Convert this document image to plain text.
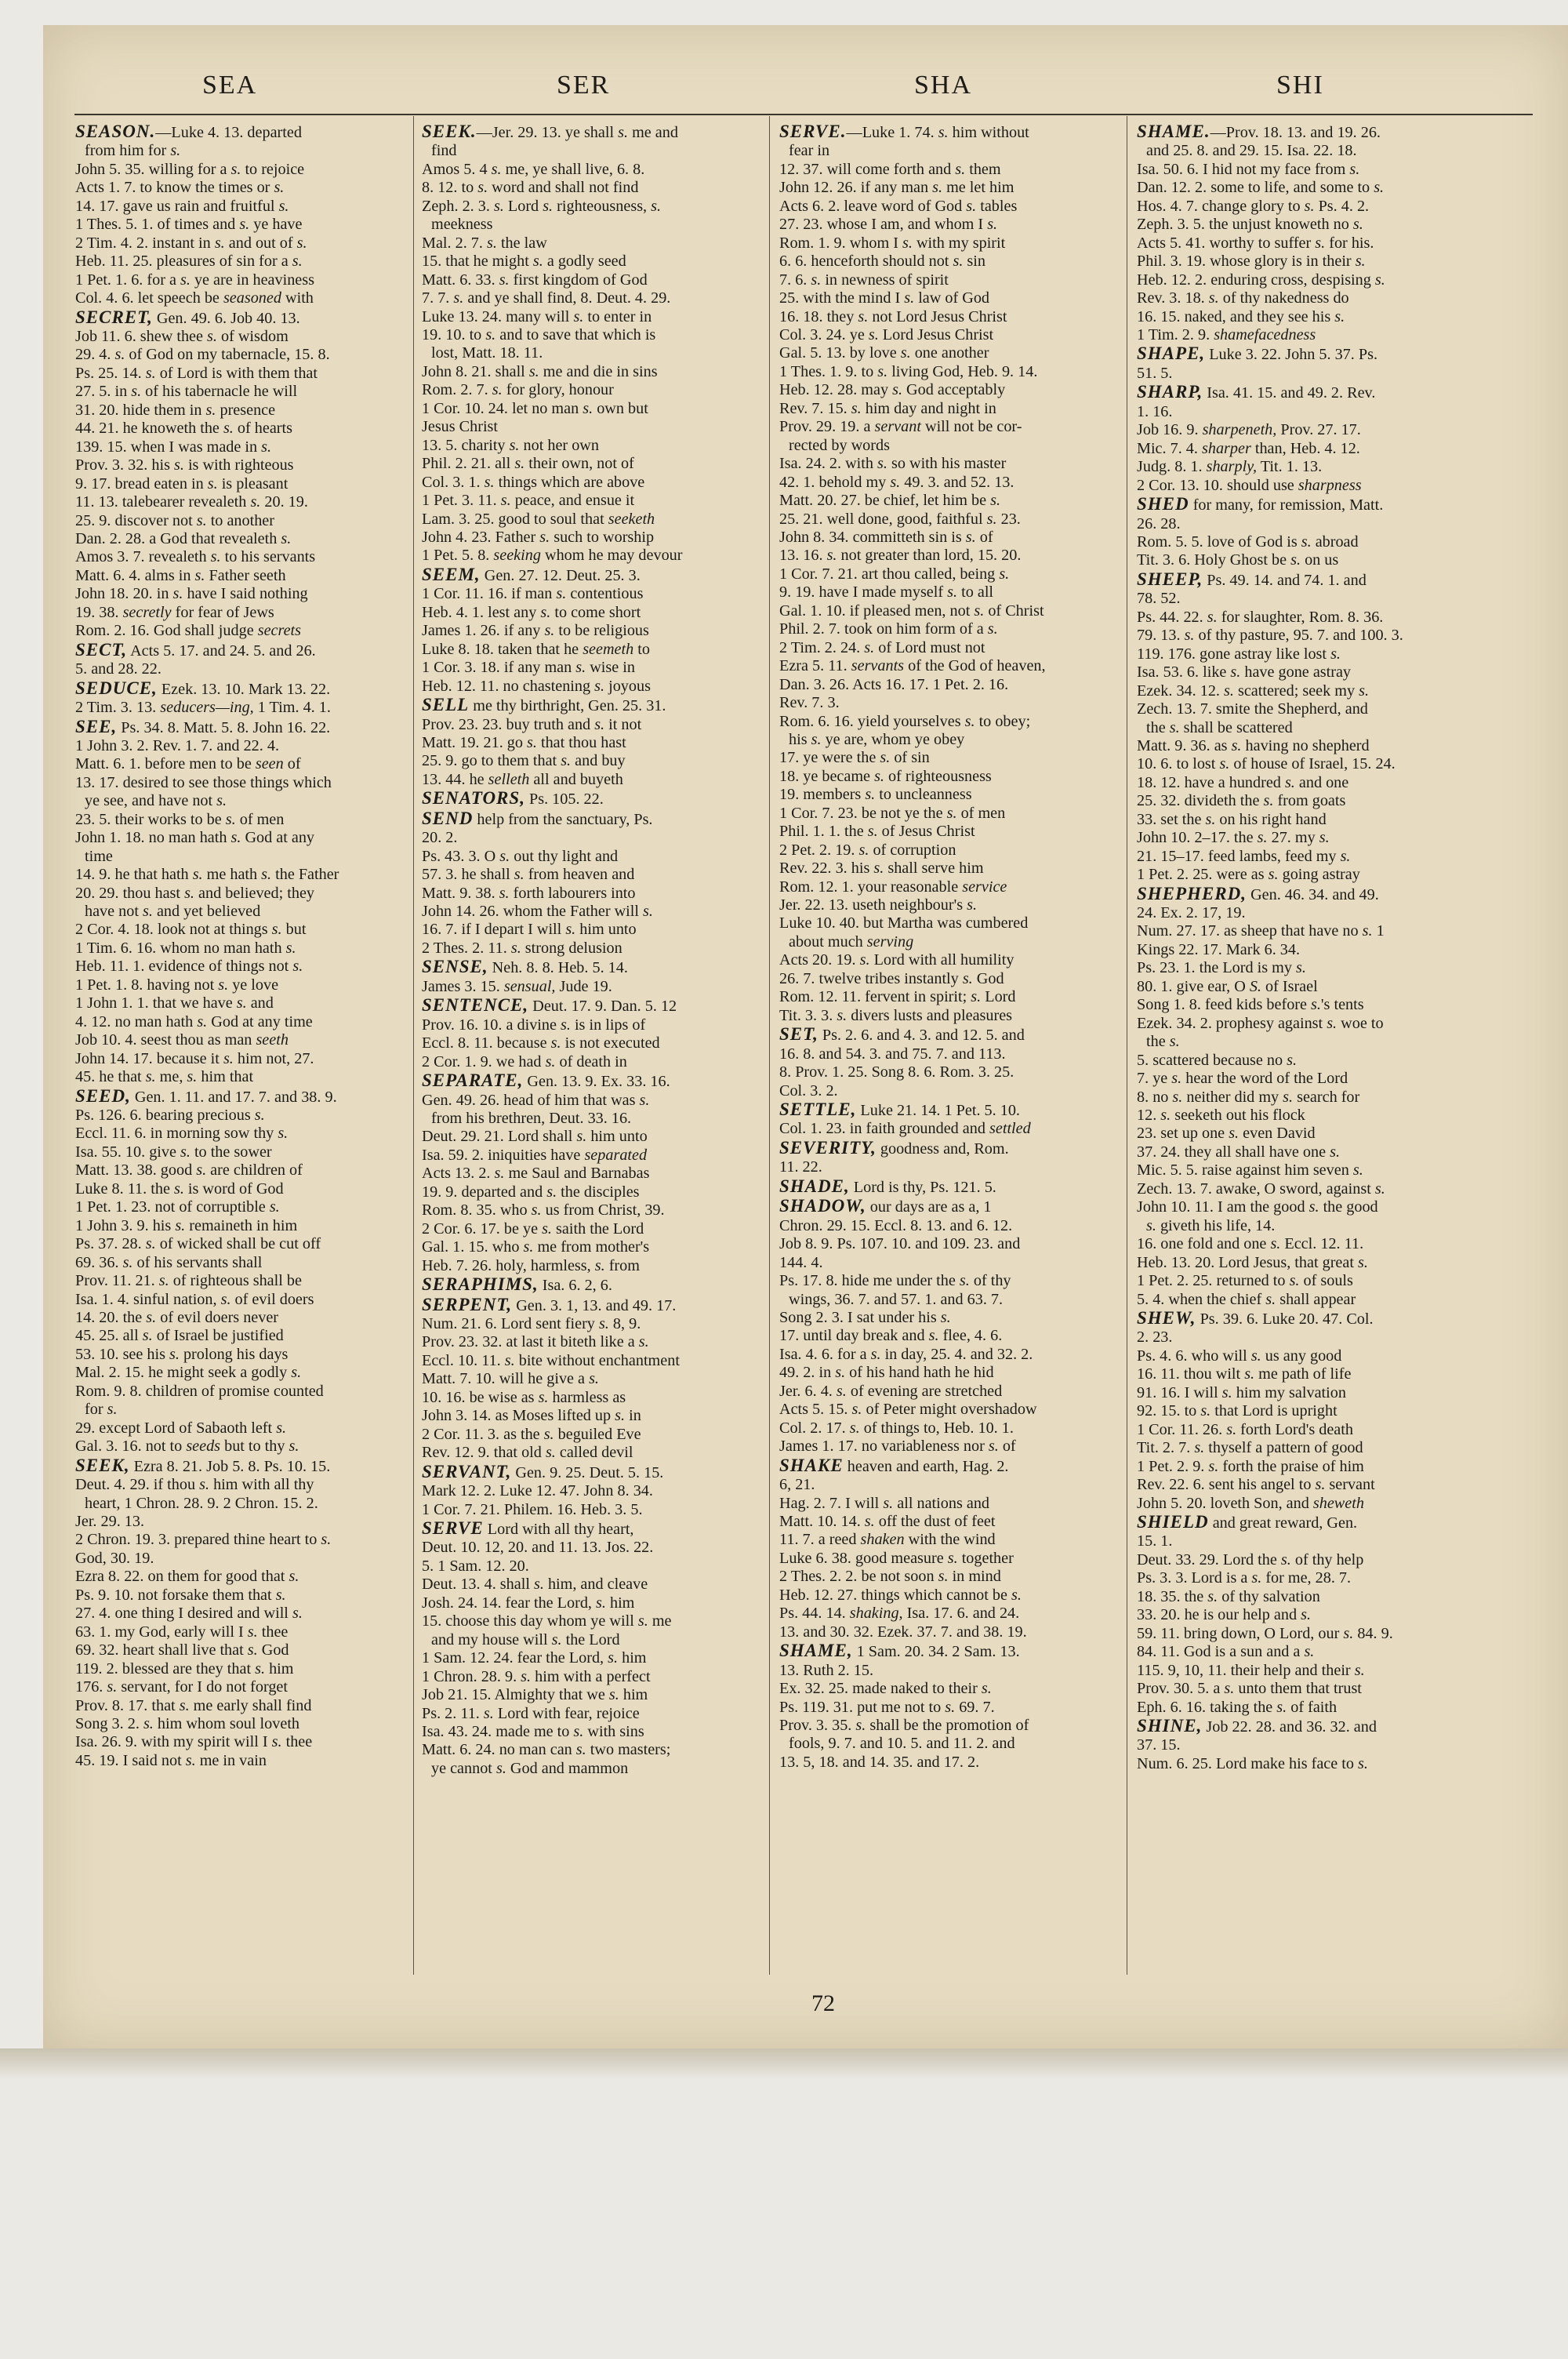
SEA	SER	SHA	SHI
SEASON.—Luke 4. 13. departed
from him for s.
John 5. 35. willing for a s. to rejoice
Acts 1. 7. to know the times or s.
14. 17. gave us rain and fruitful s.
1 Thes. 5. 1. of times and s. ye have
2 Tim. 4. 2. instant in s. and out of s.
Heb. 11. 25. pleasures of sin for a s.
1 Pet. 1. 6. for a s. ye are in heaviness
Col. 4. 6. let speech be seasoned with
SECRET, Gen. 49. 6. Job 40. 13.
Job 11. 6. shew thee s. of wisdom
29. 4. s. of God on my tabernacle, 15. 8.
Ps. 25. 14. s. of Lord is with them that
27. 5. in s. of his tabernacle he will
31. 20. hide them in s. presence
44. 21. he knoweth the s. of hearts
139. 15. when I was made in s.
Prov. 3. 32. his s. is with righteous
9. 17. bread eaten in s. is pleasant
11. 13. talebearer revealeth s. 20. 19.
25. 9. discover not s. to another
Dan. 2. 28. a God that revealeth s.
Amos 3. 7. revealeth s. to his servants
Matt. 6. 4. alms in s. Father seeth
John 18. 20. in s. have I said nothing
19. 38. secretly for fear of Jews
Rom. 2. 16. God shall judge secrets
SECT, Acts 5. 17. and 24. 5. and 26.
5. and 28. 22.
SEDUCE, Ezek. 13. 10. Mark 13. 22.
2 Tim. 3. 13. seducers—ing, 1 Tim. 4. 1.
SEE, Ps. 34. 8. Matt. 5. 8. John 16. 22.
1 John 3. 2. Rev. 1. 7. and 22. 4.
Matt. 6. 1. before men to be seen of
13. 17. desired to see those things which
ye see, and have not s.
23. 5. their works to be s. of men
John 1. 18. no man hath s. God at any
time
14. 9. he that hath s. me hath s. the Father
20. 29. thou hast s. and believed; they
have not s. and yet believed
2 Cor. 4. 18. look not at things s. but
1 Tim. 6. 16. whom no man hath s.
Heb. 11. 1. evidence of things not s.
1 Pet. 1. 8. having not s. ye love
1 John 1. 1. that we have s. and
4. 12. no man hath s. God at any time
Job 10. 4. seest thou as man seeth
John 14. 17. because it s. him not, 27.
45. he that s. me, s. him that
SEED, Gen. 1. 11. and 17. 7. and 38. 9.
Ps. 126. 6. bearing precious s.
Eccl. 11. 6. in morning sow thy s.
Isa. 55. 10. give s. to the sower
Matt. 13. 38. good s. are children of
Luke 8. 11. the s. is word of God
1 Pet. 1. 23. not of corruptible s.
1 John 3. 9. his s. remaineth in him
Ps. 37. 28. s. of wicked shall be cut off
69. 36. s. of his servants shall
Prov. 11. 21. s. of righteous shall be
Isa. 1. 4. sinful nation, s. of evil doers
14. 20. the s. of evil doers never
45. 25. all s. of Israel be justified
53. 10. see his s. prolong his days
Mal. 2. 15. he might seek a godly s.
Rom. 9. 8. children of promise counted
for s.
29. except Lord of Sabaoth left s.
Gal. 3. 16. not to seeds but to thy s.
SEEK, Ezra 8. 21. Job 5. 8. Ps. 10. 15.
Deut. 4. 29. if thou s. him with all thy
heart, 1 Chron. 28. 9. 2 Chron. 15. 2.
Jer. 29. 13.
2 Chron. 19. 3. prepared thine heart to s.
God, 30. 19.
Ezra 8. 22. on them for good that s.
Ps. 9. 10. not forsake them that s.
27. 4. one thing I desired and will s.
63. 1. my God, early will I s. thee
69. 32. heart shall live that s. God
119. 2. blessed are they that s. him
176. s. servant, for I do not forget
Prov. 8. 17. that s. me early shall find
Song 3. 2. s. him whom soul loveth
Isa. 26. 9. with my spirit will I s. thee
45. 19. I said not s. me in vain
SEEK.—Jer. 29. 13. ye shall s. me and
find
Amos 5. 4 s. me, ye shall live, 6. 8.
8. 12. to s. word and shall not find
Zeph. 2. 3. s. Lord s. righteousness, s.
meekness
Mal. 2. 7. s. the law
15. that he might s. a godly seed
Matt. 6. 33. s. first kingdom of God
7. 7. s. and ye shall find, 8. Deut. 4. 29.
Luke 13. 24. many will s. to enter in
19. 10. to s. and to save that which is
lost, Matt. 18. 11.
John 8. 21. shall s. me and die in sins
Rom. 2. 7. s. for glory, honour
1 Cor. 10. 24. let no man s. own but
Jesus Christ
13. 5. charity s. not her own
Phil. 2. 21. all s. their own, not of
Col. 3. 1. s. things which are above
1 Pet. 3. 11. s. peace, and ensue it
Lam. 3. 25. good to soul that seeketh
John 4. 23. Father s. such to worship
1 Pet. 5. 8. seeking whom he may devour
SEEM, Gen. 27. 12. Deut. 25. 3.
1 Cor. 11. 16. if man s. contentious
Heb. 4. 1. lest any s. to come short
James 1. 26. if any s. to be religious
Luke 8. 18. taken that he seemeth to
1 Cor. 3. 18. if any man s. wise in
Heb. 12. 11. no chastening s. joyous
SELL me thy birthright, Gen. 25. 31.
Prov. 23. 23. buy truth and s. it not
Matt. 19. 21. go s. that thou hast
25. 9. go to them that s. and buy
13. 44. he selleth all and buyeth
SENATORS, Ps. 105. 22.
SEND help from the sanctuary, Ps.
20. 2.
Ps. 43. 3. O s. out thy light and
57. 3. he shall s. from heaven and
Matt. 9. 38. s. forth labourers into
John 14. 26. whom the Father will s.
16. 7. if I depart I will s. him unto
2 Thes. 2. 11. s. strong delusion
SENSE, Neh. 8. 8. Heb. 5. 14.
James 3. 15. sensual, Jude 19.
SENTENCE, Deut. 17. 9. Dan. 5. 12
Prov. 16. 10. a divine s. is in lips of
Eccl. 8. 11. because s. is not executed
2 Cor. 1. 9. we had s. of death in
SEPARATE, Gen. 13. 9. Ex. 33. 16.
Gen. 49. 26. head of him that was s.
from his brethren, Deut. 33. 16.
Deut. 29. 21. Lord shall s. him unto
Isa. 59. 2. iniquities have separated
Acts 13. 2. s. me Saul and Barnabas
19. 9. departed and s. the disciples
Rom. 8. 35. who s. us from Christ, 39.
2 Cor. 6. 17. be ye s. saith the Lord
Gal. 1. 15. who s. me from mother's
Heb. 7. 26. holy, harmless, s. from
SERAPHIMS, Isa. 6. 2, 6.
SERPENT, Gen. 3. 1, 13. and 49. 17.
Num. 21. 6. Lord sent fiery s. 8, 9.
Prov. 23. 32. at last it biteth like a s.
Eccl. 10. 11. s. bite without enchantment
Matt. 7. 10. will he give a s.
10. 16. be wise as s. harmless as
John 3. 14. as Moses lifted up s. in
2 Cor. 11. 3. as the s. beguiled Eve
Rev. 12. 9. that old s. called devil
SERVANT, Gen. 9. 25. Deut. 5. 15.
Mark 12. 2. Luke 12. 47. John 8. 34.
1 Cor. 7. 21. Philem. 16. Heb. 3. 5.
SERVE Lord with all thy heart,
Deut. 10. 12, 20. and 11. 13. Jos. 22.
5. 1 Sam. 12. 20.
Deut. 13. 4. shall s. him, and cleave
Josh. 24. 14. fear the Lord, s. him
15. choose this day whom ye will s. me
and my house will s. the Lord
1 Sam. 12. 24. fear the Lord, s. him
1 Chron. 28. 9. s. him with a perfect
Job 21. 15. Almighty that we s. him
Ps. 2. 11. s. Lord with fear, rejoice
Isa. 43. 24. made me to s. with sins
Matt. 6. 24. no man can s. two masters;
ye cannot s. God and mammon
SERVE.—Luke 1. 74. s. him without
fear in
12. 37. will come forth and s. them
John 12. 26. if any man s. me let him
Acts 6. 2. leave word of God s. tables
27. 23. whose I am, and whom I s.
Rom. 1. 9. whom I s. with my spirit
6. 6. henceforth should not s. sin
7. 6. s. in newness of spirit
25. with the mind I s. law of God
16. 18. they s. not Lord Jesus Christ
Col. 3. 24. ye s. Lord Jesus Christ
Gal. 5. 13. by love s. one another
1 Thes. 1. 9. to s. living God, Heb. 9. 14.
Heb. 12. 28. may s. God acceptably
Rev. 7. 15. s. him day and night in
Prov. 29. 19. a servant will not be cor-
rected by words
Isa. 24. 2. with s. so with his master
42. 1. behold my s. 49. 3. and 52. 13.
Matt. 20. 27. be chief, let him be s.
25. 21. well done, good, faithful s. 23.
John 8. 34. committeth sin is s. of
13. 16. s. not greater than lord, 15. 20.
1 Cor. 7. 21. art thou called, being s.
9. 19. have I made myself s. to all
Gal. 1. 10. if pleased men, not s. of Christ
Phil. 2. 7. took on him form of a s.
2 Tim. 2. 24. s. of Lord must not
Ezra 5. 11. servants of the God of heaven,
Dan. 3. 26. Acts 16. 17. 1 Pet. 2. 16.
Rev. 7. 3.
Rom. 6. 16. yield yourselves s. to obey;
his s. ye are, whom ye obey
17. ye were the s. of sin
18. ye became s. of righteousness
19. members s. to uncleanness
1 Cor. 7. 23. be not ye the s. of men
Phil. 1. 1. the s. of Jesus Christ
2 Pet. 2. 19. s. of corruption
Rev. 22. 3. his s. shall serve him
Rom. 12. 1. your reasonable service
Jer. 22. 13. useth neighbour's s.
Luke 10. 40. but Martha was cumbered
about much serving
Acts 20. 19. s. Lord with all humility
26. 7. twelve tribes instantly s. God
Rom. 12. 11. fervent in spirit; s. Lord
Tit. 3. 3. s. divers lusts and pleasures
SET, Ps. 2. 6. and 4. 3. and 12. 5. and
16. 8. and 54. 3. and 75. 7. and 113.
8. Prov. 1. 25. Song 8. 6. Rom. 3. 25.
Col. 3. 2.
SETTLE, Luke 21. 14. 1 Pet. 5. 10.
Col. 1. 23. in faith grounded and settled
SEVERITY, goodness and, Rom.
11. 22.
SHADE, Lord is thy, Ps. 121. 5.
SHADOW, our days are as a, 1
Chron. 29. 15. Eccl. 8. 13. and 6. 12.
Job 8. 9. Ps. 107. 10. and 109. 23. and
144. 4.
Ps. 17. 8. hide me under the s. of thy
wings, 36. 7. and 57. 1. and 63. 7.
Song 2. 3. I sat under his s.
17. until day break and s. flee, 4. 6.
Isa. 4. 6. for a s. in day, 25. 4. and 32. 2.
49. 2. in s. of his hand hath he hid
Jer. 6. 4. s. of evening are stretched
Acts 5. 15. s. of Peter might overshadow
Col. 2. 17. s. of things to, Heb. 10. 1.
James 1. 17. no variableness nor s. of
SHAKE heaven and earth, Hag. 2.
6, 21.
Hag. 2. 7. I will s. all nations and
Matt. 10. 14. s. off the dust of feet
11. 7. a reed shaken with the wind
Luke 6. 38. good measure s. together
2 Thes. 2. 2. be not soon s. in mind
Heb. 12. 27. things which cannot be s.
Ps. 44. 14. shaking, Isa. 17. 6. and 24.
13. and 30. 32. Ezek. 37. 7. and 38. 19.
SHAME, 1 Sam. 20. 34. 2 Sam. 13.
13. Ruth 2. 15.
Ex. 32. 25. made naked to their s.
Ps. 119. 31. put me not to s. 69. 7.
Prov. 3. 35. s. shall be the promotion of
fools, 9. 7. and 10. 5. and 11. 2. and
13. 5, 18. and 14. 35. and 17. 2.
SHAME.—Prov. 18. 13. and 19. 26.
and 25. 8. and 29. 15. Isa. 22. 18.
Isa. 50. 6. I hid not my face from s.
Dan. 12. 2. some to life, and some to s.
Hos. 4. 7. change glory to s. Ps. 4. 2.
Zeph. 3. 5. the unjust knoweth no s.
Acts 5. 41. worthy to suffer s. for his.
Phil. 3. 19. whose glory is in their s.
Heb. 12. 2. enduring cross, despising s.
Rev. 3. 18. s. of thy nakedness do
16. 15. naked, and they see his s.
1 Tim. 2. 9. shamefacedness
SHAPE, Luke 3. 22. John 5. 37. Ps.
51. 5.
SHARP, Isa. 41. 15. and 49. 2. Rev.
1. 16.
Job 16. 9. sharpeneth, Prov. 27. 17.
Mic. 7. 4. sharper than, Heb. 4. 12.
Judg. 8. 1. sharply, Tit. 1. 13.
2 Cor. 13. 10. should use sharpness
SHED for many, for remission, Matt.
26. 28.
Rom. 5. 5. love of God is s. abroad
Tit. 3. 6. Holy Ghost be s. on us
SHEEP, Ps. 49. 14. and 74. 1. and
78. 52.
Ps. 44. 22. s. for slaughter, Rom. 8. 36.
79. 13. s. of thy pasture, 95. 7. and 100. 3.
119. 176. gone astray like lost s.
Isa. 53. 6. like s. have gone astray
Ezek. 34. 12. s. scattered; seek my s.
Zech. 13. 7. smite the Shepherd, and
the s. shall be scattered
Matt. 9. 36. as s. having no shepherd
10. 6. to lost s. of house of Israel, 15. 24.
18. 12. have a hundred s. and one
25. 32. divideth the s. from goats
33. set the s. on his right hand
John 10. 2–17. the s. 27. my s.
21. 15–17. feed lambs, feed my s.
1 Pet. 2. 25. were as s. going astray
SHEPHERD, Gen. 46. 34. and 49.
24. Ex. 2. 17, 19.
Num. 27. 17. as sheep that have no s. 1
Kings 22. 17. Mark 6. 34.
Ps. 23. 1. the Lord is my s.
80. 1. give ear, O S. of Israel
Song 1. 8. feed kids before s.'s tents
Ezek. 34. 2. prophesy against s. woe to
the s.
5. scattered because no s.
7. ye s. hear the word of the Lord
8. no s. neither did my s. search for
12. s. seeketh out his flock
23. set up one s. even David
37. 24. they all shall have one s.
Mic. 5. 5. raise against him seven s.
Zech. 13. 7. awake, O sword, against s.
John 10. 11. I am the good s. the good
s. giveth his life, 14.
16. one fold and one s. Eccl. 12. 11.
Heb. 13. 20. Lord Jesus, that great s.
1 Pet. 2. 25. returned to s. of souls
5. 4. when the chief s. shall appear
SHEW, Ps. 39. 6. Luke 20. 47. Col.
2. 23.
Ps. 4. 6. who will s. us any good
16. 11. thou wilt s. me path of life
91. 16. I will s. him my salvation
92. 15. to s. that Lord is upright
1 Cor. 11. 26. s. forth Lord's death
Tit. 2. 7. s. thyself a pattern of good
1 Pet. 2. 9. s. forth the praise of him
Rev. 22. 6. sent his angel to s. servant
John 5. 20. loveth Son, and sheweth
SHIELD and great reward, Gen.
15. 1.
Deut. 33. 29. Lord the s. of thy help
Ps. 3. 3. Lord is a s. for me, 28. 7.
18. 35. the s. of thy salvation
33. 20. he is our help and s.
59. 11. bring down, O Lord, our s. 84. 9.
84. 11. God is a sun and a s.
115. 9, 10, 11. their help and their s.
Prov. 30. 5. a s. unto them that trust
Eph. 6. 16. taking the s. of faith
SHINE, Job 22. 28. and 36. 32. and
37. 15.
Num. 6. 25. Lord make his face to s.
72
